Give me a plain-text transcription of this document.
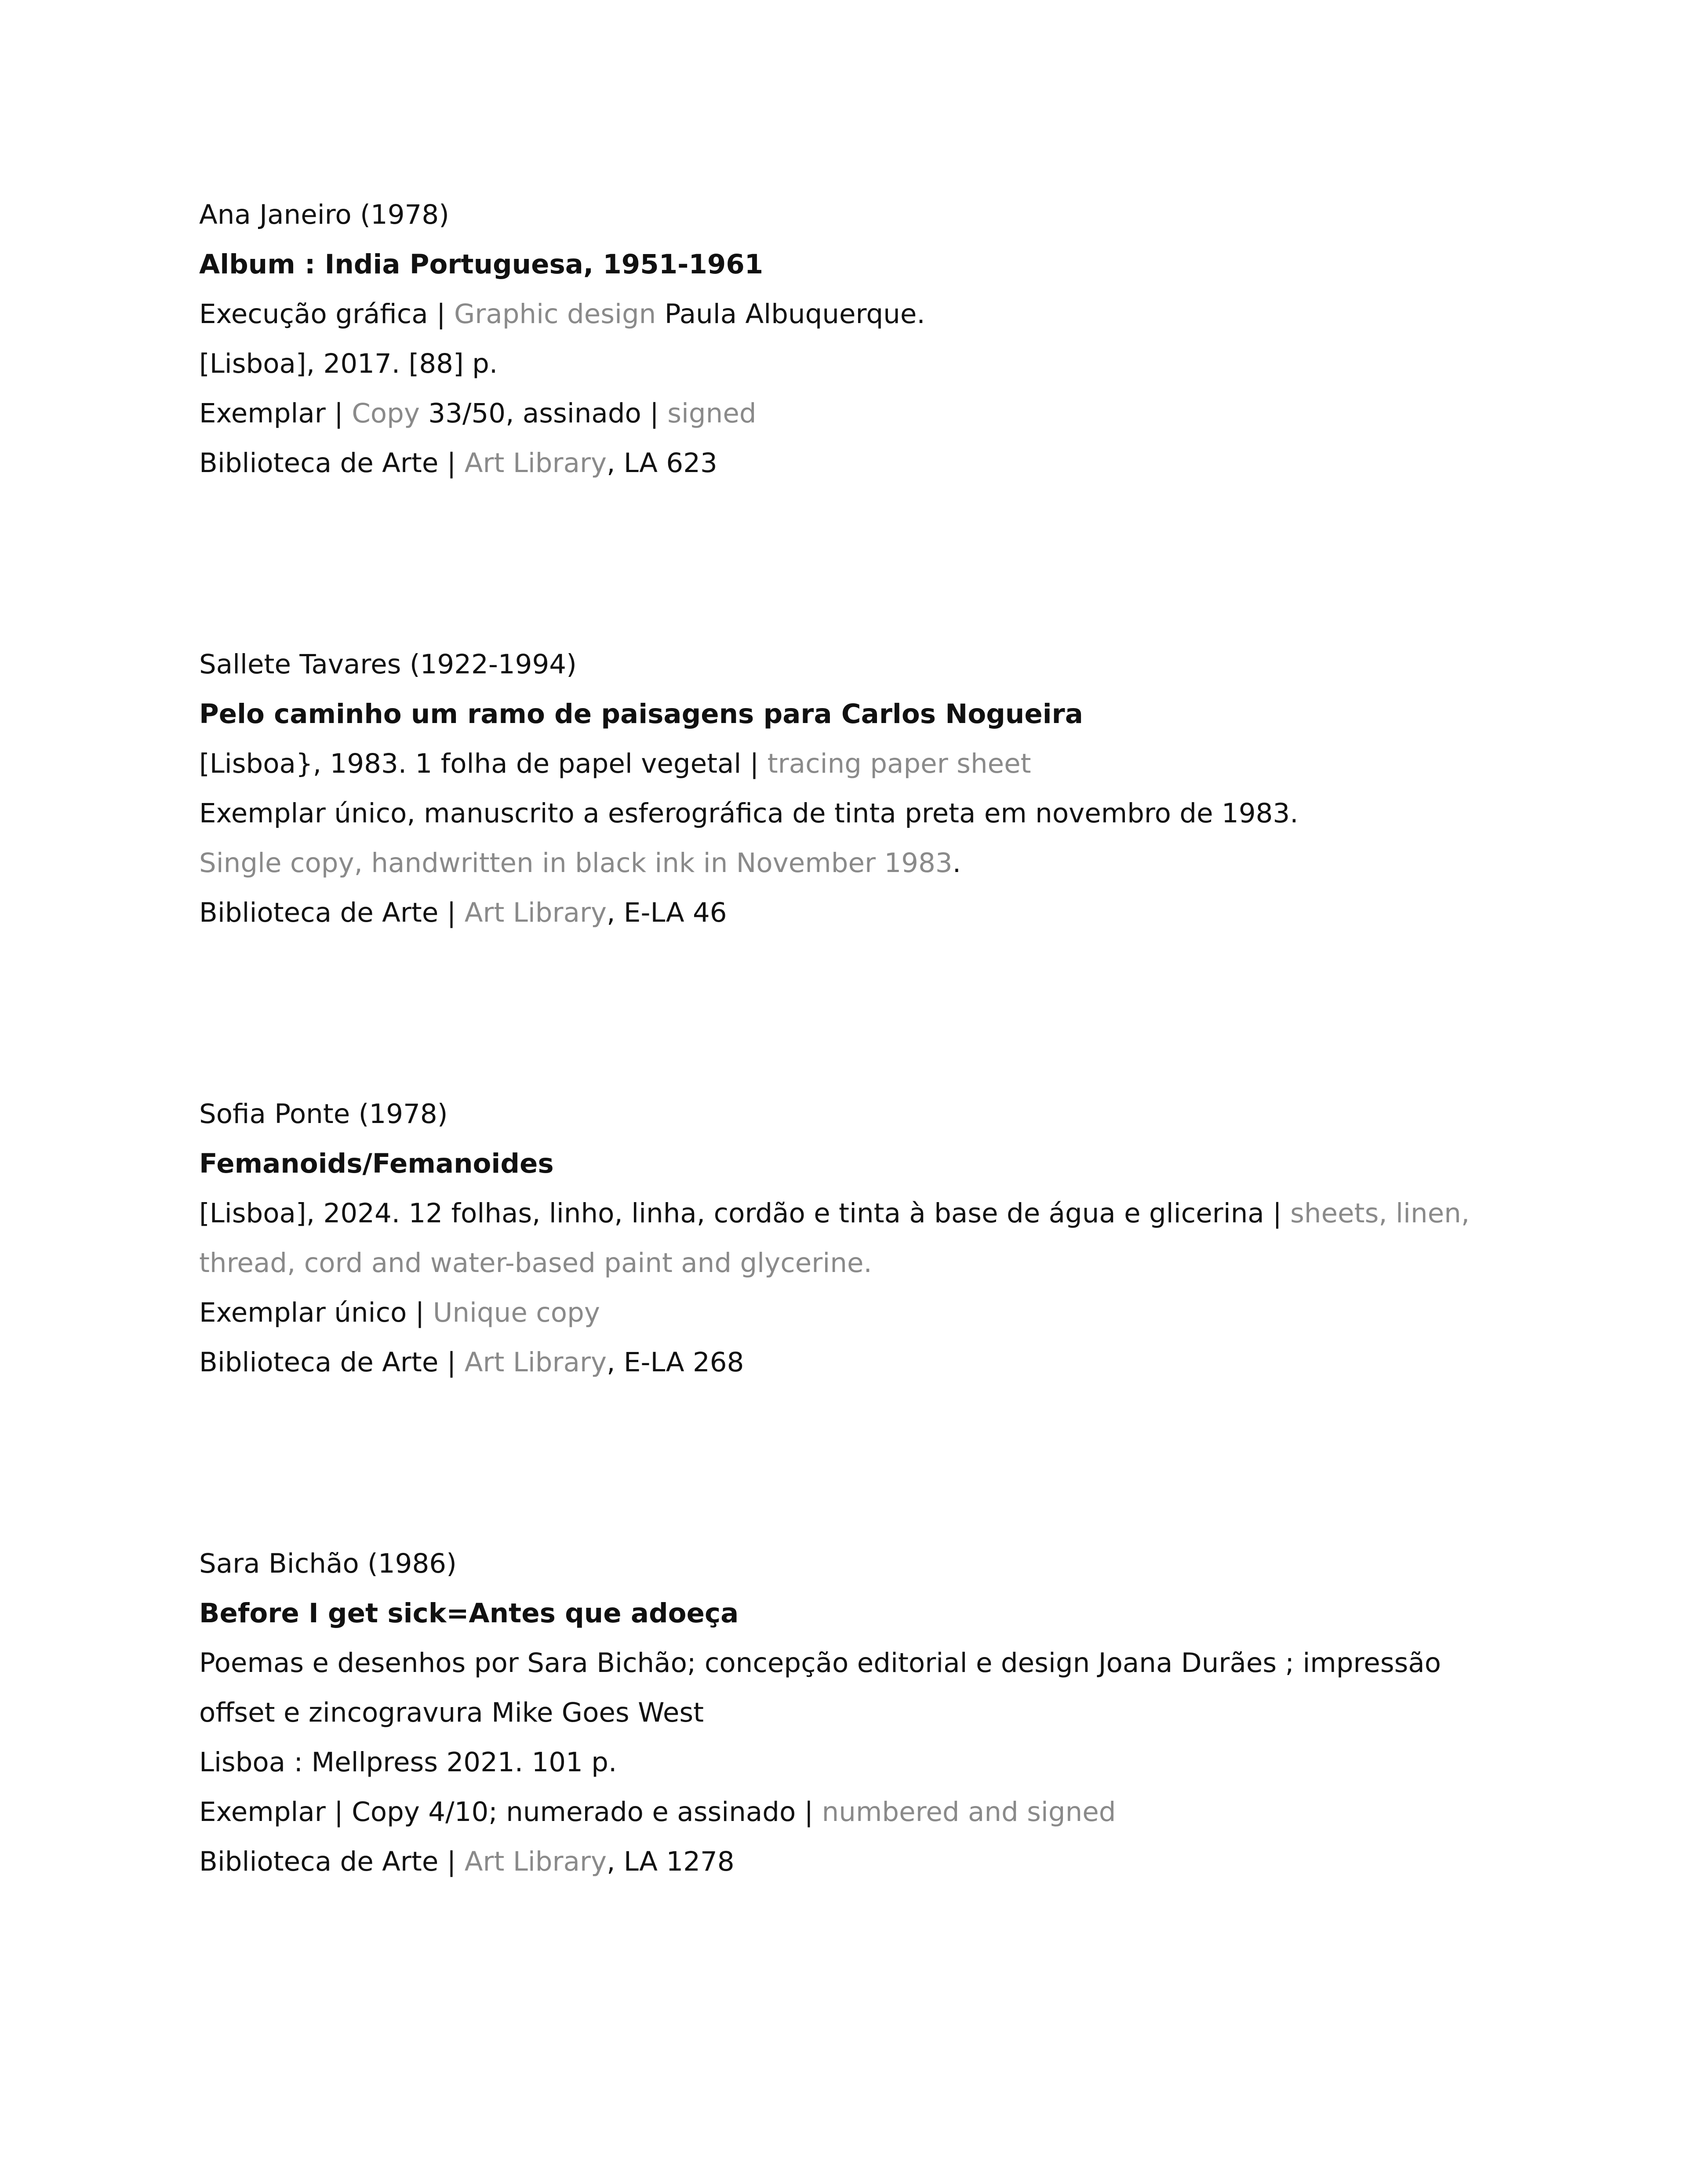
Ana Janeiro (1978)
Album : India Portuguesa, 1951-1961
Execução gráfica | Graphic design Paula Albuquerque.
[Lisboa], 2017. [88] p.
Exemplar | Copy 33/50, assinado | signed
Biblioteca de Arte | Art Library, LA 623
Sallete Tavares (1922-1994)
Pelo caminho um ramo de paisagens para Carlos Nogueira
[Lisboa}, 1983. 1 folha de papel vegetal | tracing paper sheet
Exemplar único, manuscrito a esferográfica de tinta preta em novembro de 1983.
Single copy, handwritten in black ink in November 1983.
Biblioteca de Arte | Art Library, E-LA 46
Sofia Ponte (1978)
Femanoids/Femanoides
[Lisboa], 2024. 12 folhas, linho, linha, cordão e tinta à base de água e glicerina | sheets, linen,
thread, cord and water-based paint and glycerine.
Exemplar único | Unique copy
Biblioteca de Arte | Art Library, E-LA 268
Sara Bichão (1986)
Before I get sick=Antes que adoeça
Poemas e desenhos por Sara Bichão; concepção editorial e design Joana Durães ; impressão
offset e zincogravura Mike Goes West
Lisboa : Mellpress 2021. 101 p.
Exemplar | Copy 4/10; numerado e assinado | numbered and signed
Biblioteca de Arte | Art Library, LA 1278
